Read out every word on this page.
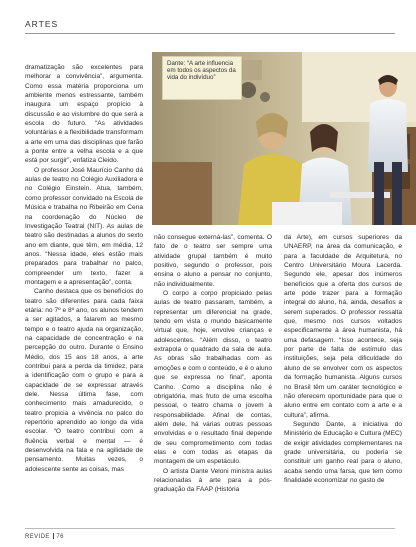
ARTES

dramatização são excelentes para melhorar a convivência”, argumenta. Como essa matéria proporciona um ambiente menos estressante, também inaugura um espaço propício à discussão e ao vislumbre do que será a escola do futuro. “As atividades voluntárias e a flexibilidade transformam a arte em uma das disciplinas que farão a ponte entre a velha escola e a que está por surgir”, enfatiza Cleido.

O professor José Maurício Canho dá aulas de teatro no Colégio Auxiliadora e no Colégio Einstein. Atua, também, como professor convidado na Escola de Música e trabalha no Ribeirão em Cena na coordenação do Núcleo de Investigação Teatral (NIT). As aulas de teatro são destinadas a alunos do sexto ano em diante, que têm, em média, 12 anos. “Nessa idade, eles estão mais preparados para trabalhar no palco, compreender um texto, fazer a montagem e a apresentação”, conta.

Canho destaca que os benefícios do teatro são diferentes para cada faixa etária: no 7º e 8º ano, os alunos tendem a ser agitados, a falarem ao mesmo tempo e o teatro ajuda na organização, na capacidade de concentração e na percepção do outro. Durante o Ensino Médio, dos 15 aos 18 anos, a arte contribui para a perda da timidez, para a identificação com o grupo e para a capacidade de se expressar através dele. Nessa última fase, com conhecimento mais amadurecido, o teatro propicia a vivência no palco do repertório aprendido ao longo da vida escolar. “O teatro contribui com a fluência verbal e mental — é desenvolvida na fala e na agilidade de pensamento. Muitas vezes, o adolescente sente as coisas, mas

Dante: “A arte influencia em todos os aspectos da vida do indivíduo”

não consegue externá-las”, comenta. O fato de o teatro ser sempre uma atividade grupal também é muito positivo, segundo o professor, pois ensina o aluno a pensar no conjunto, não individualmente.

O corpo a corpo propiciado pelas aulas de teatro passaram, também, a representar um diferencial na grade, tendo em vista o mundo basicamente virtual que, hoje, envolve crianças e adolescentes. “Além disso, o teatro extrapola o quadrado da sala de aula. As obras são trabalhadas com as emoções e com o conteúdo, e é o aluno que se expressa no final”, aponta Canho. Como a disciplina não é obrigatória, mas fruto de uma escolha pessoal, o teatro chama o jovem à responsabilidade. Afinal de contas, além dele, há várias outras pessoas envolvidas e o resultado final depende de seu comprometimento com todas elas e com todas as etapas da montagem de um espetáculo.

O artista Dante Veloni ministra aulas relacionadas à arte para a pós-graduação da FAAP (História

da Arte), em cursos superiores da UNAERP, na área da comunicação, e para a faculdade de Arquitetura, no Centro Universitário Moura Lacerda. Segundo ele, apesar dos inúmeros benefícios que a oferta dos cursos de arte pode trazer para a formação integral do aluno, há, ainda, desafios a serem superados. O professor ressalta que, mesmo nos cursos voltados especificamente à área humanista, há uma defasagem. “Isso acontece, seja por parte de falta de estímulo das instituições, seja pela dificuldade do aluno de se envolver com os aspectos da formação humanista. Alguns cursos no Brasil têm um caráter tecnológico e não oferecem oportunidade para que o aluno entre em contato com a arte e a cultura”, afirma.

Segundo Dante, a iniciativa do Ministério de Educação e Cultura (MEC) de exigir atividades complementares na grade universitária, ou poderia se constituir um ganho real para o aluno, acaba sendo uma farsa, que tem como finalidade economizar no gasto de

REVIDE 76
